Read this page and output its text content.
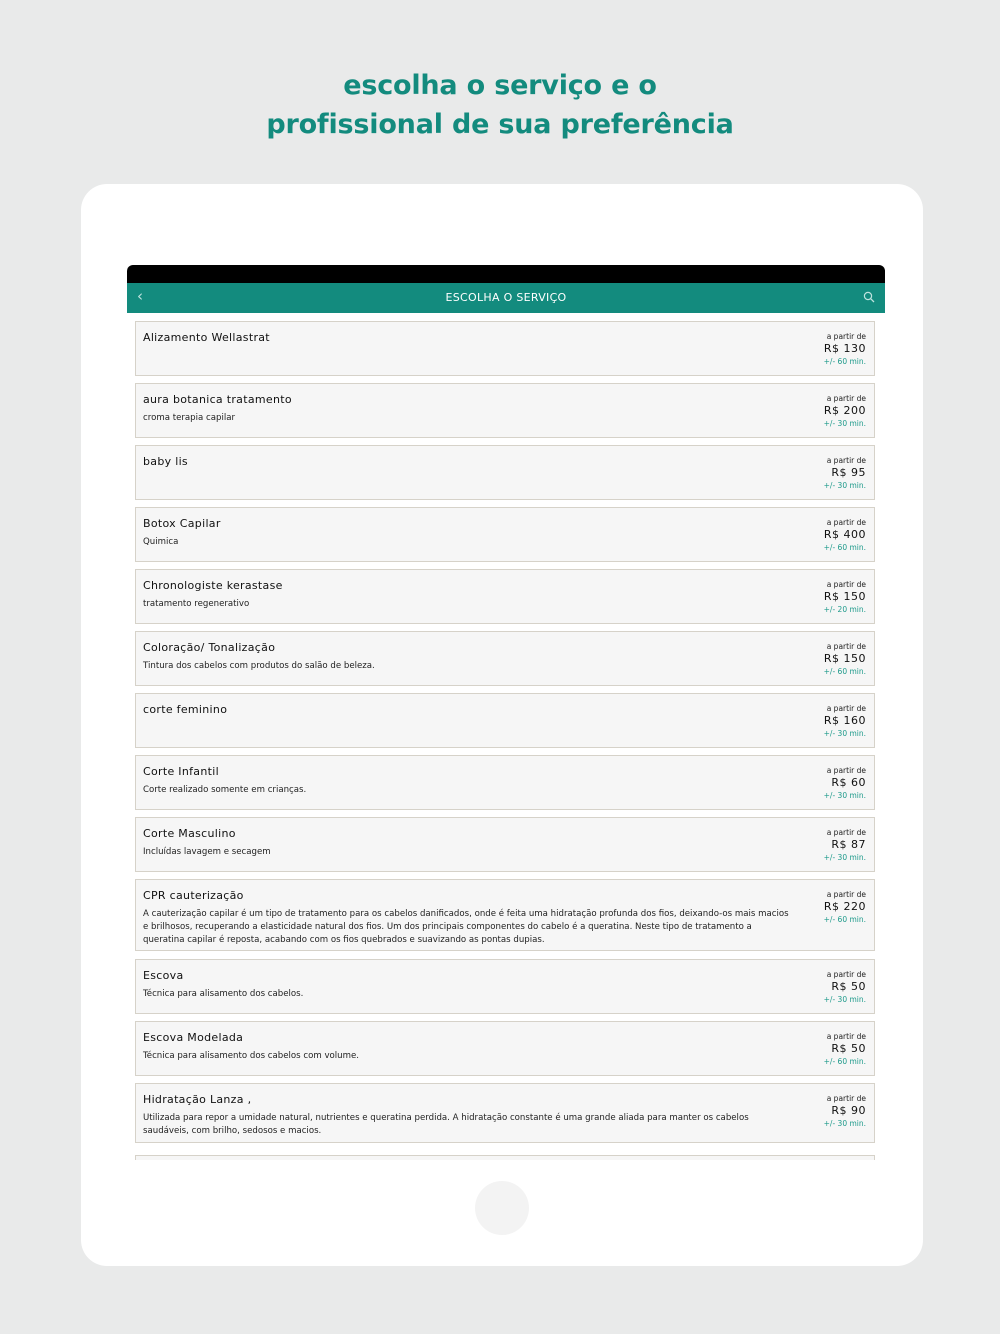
escolha o serviço e o
profissional de sua preferência
‹	ESCOLHA O SERVIÇO
Alizamento Wellastrat	a partir de
R$ 130
+/- 60 min.
aura botanica tratamento
croma terapia capilar
a partir de
R$ 200
+/- 30 min.
baby lis	a partir de
R$ 95
+/- 30 min.
Botox Capilar
Quimica
a partir de
R$ 400
+/- 60 min.
Chronologiste kerastase
tratamento regenerativo
a partir de
R$ 150
+/- 20 min.
Coloração/ Tonalização
Tintura dos cabelos com produtos do salão de beleza.
a partir de
R$ 150
+/- 60 min.
corte feminino	a partir de
R$ 160
+/- 30 min.
Corte Infantil
Corte realizado somente em crianças.
a partir de
R$ 60
+/- 30 min.
Corte Masculino
Incluídas lavagem e secagem
a partir de
R$ 87
+/- 30 min.
CPR cauterização
A cauterização capilar é um tipo de tratamento para os cabelos danificados, onde é feita uma hidratação profunda dos fios, deixando-os mais macios e brilhosos, recuperando a elasticidade natural dos fios. Um dos principais componentes do cabelo é a queratina. Neste tipo de tratamento a queratina capilar é reposta, acabando com os fios quebrados e suavizando as pontas dupias.
a partir de
R$ 220
+/- 60 min.
Escova
Técnica para alisamento dos cabelos.
a partir de
R$ 50
+/- 30 min.
Escova Modelada
Técnica para alisamento dos cabelos com volume.
a partir de
R$ 50
+/- 60 min.
Hidratação Lanza ,
Utilizada para repor a umidade natural, nutrientes e queratina perdida. A hidratação constante é uma grande aliada para manter os cabelos saudáveis, com brilho, sedosos e macios.
a partir de
R$ 90
+/- 30 min.
